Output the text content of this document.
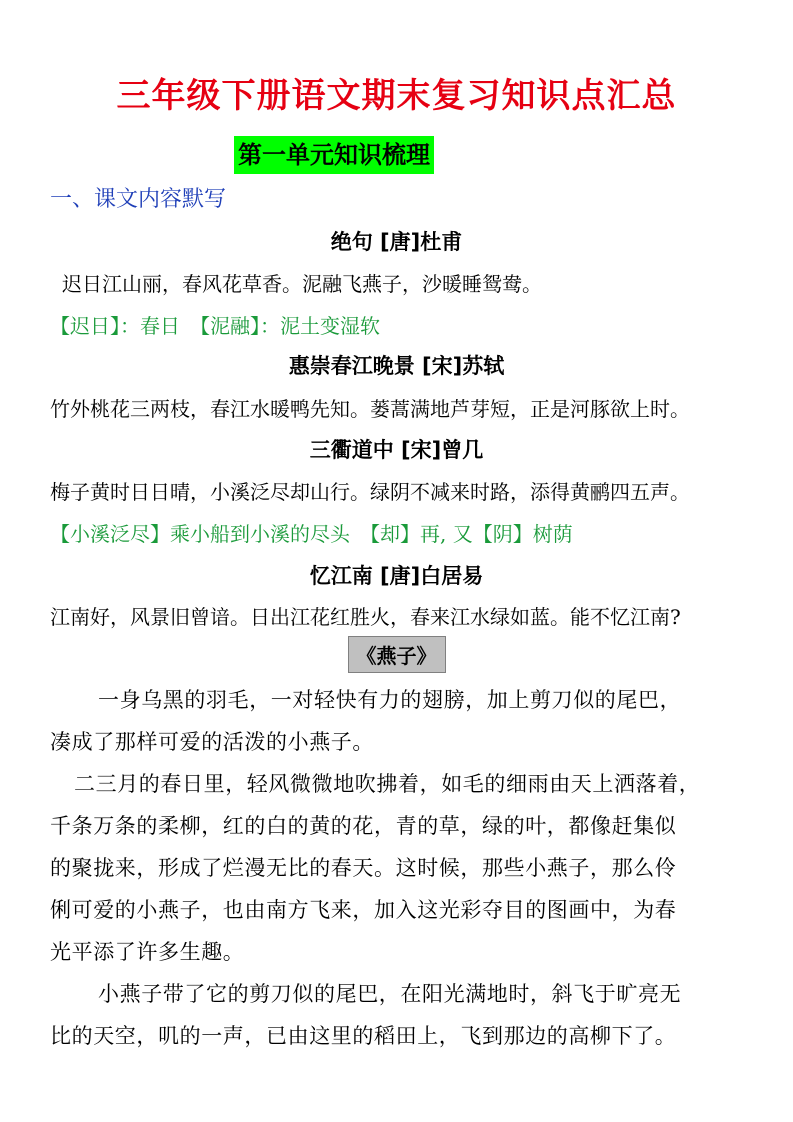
三年级下册语文期末复习知识点汇总
第一单元知识梳理
一、课文内容默写
绝句 [唐]杜甫
迟日江山丽，春风花草香。泥融飞燕子，沙暖睡鸳鸯。
【迟日】：春日　【泥融】：泥土变湿软
惠崇春江晚景 [宋]苏轼
竹外桃花三两枝，春江水暖鸭先知。蒌蒿满地芦芽短，正是河豚欲上时。
三衢道中 [宋]曾几
梅子黄时日日晴，小溪泛尽却山行。绿阴不减来时路，添得黄鹂四五声。
【小溪泛尽】乘小船到小溪的尽头　【却】再, 又【阴】树荫
忆江南 [唐]白居易
江南好，风景旧曾谙。日出江花红胜火，春来江水绿如蓝。能不忆江南?
《燕子》
一身乌黑的羽毛，一对轻快有力的翅膀，加上剪刀似的尾巴，
凑成了那样可爱的活泼的小燕子。
二三月的春日里，轻风微微地吹拂着，如毛的细雨由天上洒落着，
千条万条的柔柳，红的白的黄的花，青的草，绿的叶，都像赶集似
的聚拢来，形成了烂漫无比的春天。这时候，那些小燕子，那么伶
俐可爱的小燕子，也由南方飞来，加入这光彩夺目的图画中，为春
光平添了许多生趣。
小燕子带了它的剪刀似的尾巴，在阳光满地时，斜飞于旷亮无
比的天空，叽的一声，已由这里的稻田上，飞到那边的高柳下了。
